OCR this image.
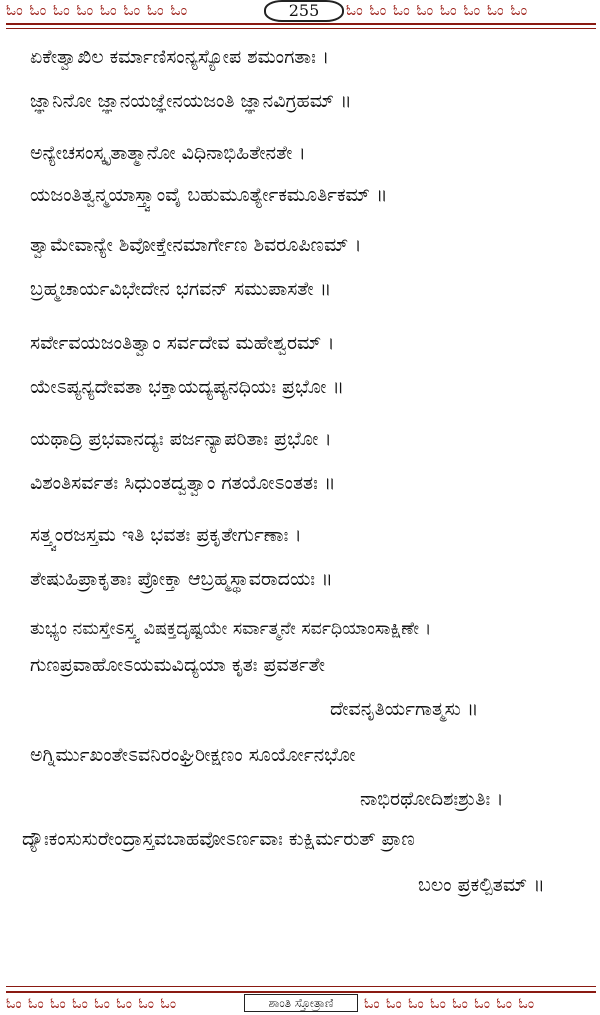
ಓಂ ಓಂ ಓಂ ಓಂ ಓಂ ಓಂ ಓಂ ಓಂ	255	ಓಂ ಓಂ ಓಂ ಓಂ ಓಂ ಓಂ ಓಂ ಓಂ
ಏಕೇತ್ವಾಖಿಲ ಕರ್ಮಾಣಿಸಂನ್ಯಸ್ಯೋಪ ಶಮಂಗತಾಃ ।
ಜ್ಞಾನಿನೋ ಜ್ಞಾನಯಜ್ಞೇನಯಜಂತಿ ಜ್ಞಾನವಿಗ್ರಹಮ್ ॥
ಅನ್ಯೇಚಸಂಸ್ಕೃತಾತ್ಮಾನೋ ವಿಧಿನಾಭಿಹಿತೇನತೇ ।
ಯಜಂತಿತ್ವನ್ಮಯಾಸ್ತ್ವಾಂವೈ ಬಹುಮೂರ್ತ್ಯೇಕಮೂರ್ತಿಕಮ್ ॥
ತ್ವಾಮೇವಾನ್ಯೇ ಶಿವೋಕ್ತೇನಮಾರ್ಗೇಣ ಶಿವರೂಪಿಣಮ್ ।
ಬ್ರಹ್ಮಚಾರ್ಯವಿಭೇದೇನ ಭಗವನ್ ಸಮುಪಾಸತೇ ॥
ಸರ್ವೇವಯಜಂತಿತ್ವಾಂ ಸರ್ವದೇವ ಮಹೇಶ್ವರಮ್ ।
ಯೇಽಪ್ಯನ್ಯದೇವತಾ ಭಕ್ತಾಯದ್ಯಪ್ಯನಧಿಯಃ ಪ್ರಭೋ ॥
ಯಥಾದ್ರಿ ಪ್ರಭವಾನದ್ಯಃ ಪರ್ಜನ್ಯಾಪರಿತಾಃ ಪ್ರಭೋ ।
ವಿಶಂತಿಸರ್ವತಃ ಸಿಧುಂತದ್ವತ್ವಾಂ ಗತಯೋಽಂತತಃ ॥
ಸತ್ತ್ವಂರಜಸ್ತಮ ಇತಿ ಭವತಃ ಪ್ರಕೃತೇರ್ಗುಣಾಃ ।
ತೇಷುಹಿಪ್ರಾಕೃತಾಃ ಪ್ರೋಕ್ತಾ ಆಬ್ರಹ್ಮಸ್ಥಾವರಾದಯಃ ॥
ತುಭ್ಯಂ ನಮಸ್ತೇಽಸ್ತ್ವ ವಿಷಕ್ತದೃಷ್ಟಯೇ ಸರ್ವಾತ್ಮನೇ ಸರ್ವಧಿಯಾಂಸಾಕ್ಷಿಣೇ ।
ಗುಣಪ್ರವಾಹೋಽಯಮವಿದ್ಯಯಾ ಕೃತಃ ಪ್ರವರ್ತತೇ
ದೇವನೃತಿರ್ಯಗಾತ್ಮಸು ॥
ಅಗ್ನಿರ್ಮುಖಂತೇಽವನಿರಂಘ್ರಿರೀಕ್ಷಣಂ ಸೂರ್ಯೋನಭೋ
ನಾಭಿರಥೋದಿಶಃಶ್ರುತಿಃ ।
ದ್ಯೌಃಕಂಸುಸುರೇಂದ್ರಾಸ್ತವಬಾಹವೋಽರ್ಣವಾಃ ಕುಕ್ಷಿರ್ಮರುತ್ ಪ್ರಾಣ
ಬಲಂ ಪ್ರಕಲ್ಪಿತಮ್ ॥
ಓಂ ಓಂ ಓಂ ಓಂ ಓಂ ಓಂ ಓಂ ಓಂ	ಶಾಂತಿ ಸ್ತೋತ್ರಾಣಿ	ಓಂ ಓಂ ಓಂ ಓಂ ಓಂ ಓಂ ಓಂ ಓಂ
